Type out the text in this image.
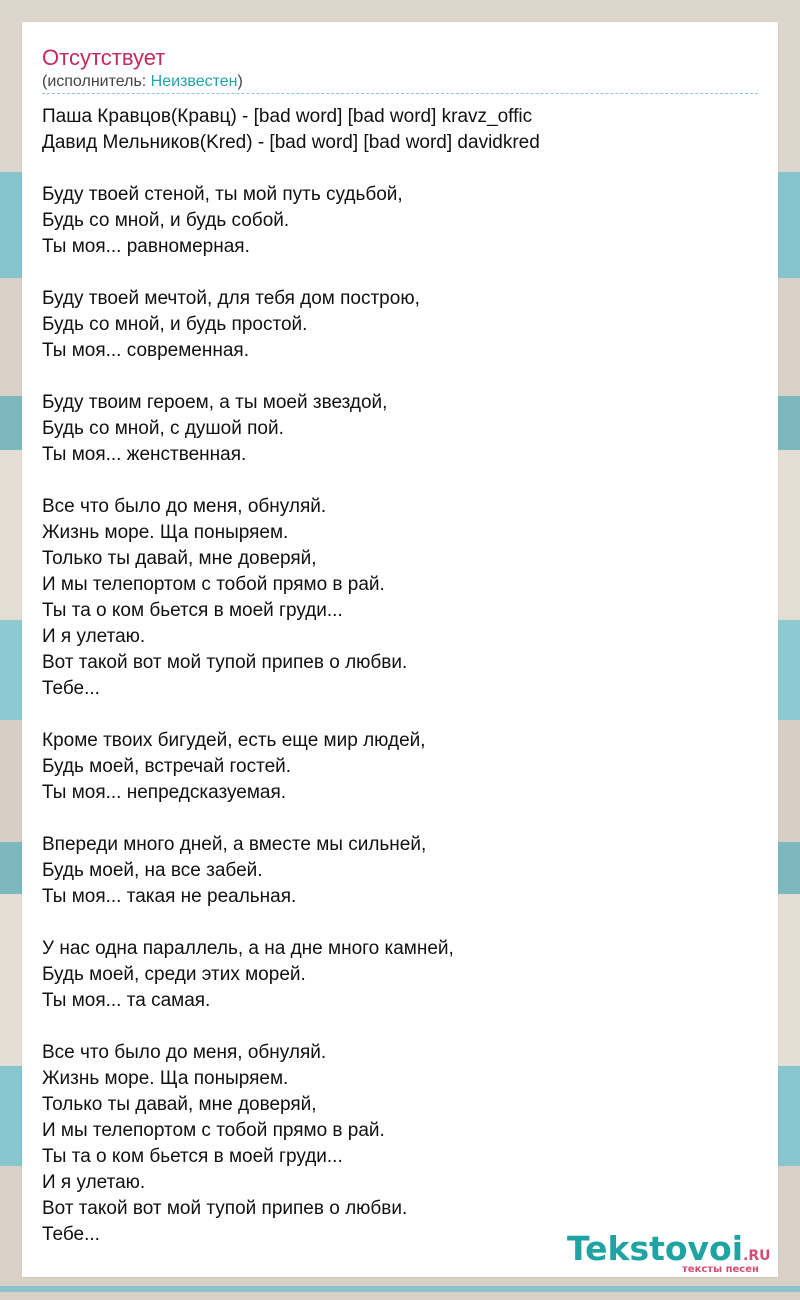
Отсутствует
(исполнитель: Неизвестен)
Паша Кравцов(Кравц) - [bad word] [bad word] kravz_offic
Давид Мельников(Kred) - [bad word] [bad word] davidkred

Буду твоей стеной, ты мой путь судьбой,
Будь со мной, и будь собой.
Ты моя... равномерная.

Буду твоей мечтой, для тебя дом построю,
Будь со мной, и будь простой.
Ты моя... современная.

Буду твоим героем, а ты моей звездой,
Будь со мной, с душой пой.
Ты моя... женственная.

Все что было до меня, обнуляй.
Жизнь море. Ща поныряем.
Только ты давай, мне доверяй,
И мы телепортом с тобой прямо в рай.
Ты та о ком бьется в моей груди...
И я улетаю.
Вот такой вот мой тупой припев о любви.
Тебе...

Кроме твоих бигудей, есть еще мир людей,
Будь моей, встречай гостей.
Ты моя... непредсказуемая.

Впереди много дней, а вместе мы сильней,
Будь моей, на все забей.
Ты моя... такая не реальная.

У нас одна параллель, а на дне много камней,
Будь моей, среди этих морей.
Ты моя... та самая.

Все что было до меня, обнуляй.
Жизнь море. Ща поныряем.
Только ты давай, мне доверяй,
И мы телепортом с тобой прямо в рай.
Ты та о ком бьется в моей груди...
И я улетаю.
Вот такой вот мой тупой припев о любви.
Тебе...	Tekstovoi.RU
тексты песен
